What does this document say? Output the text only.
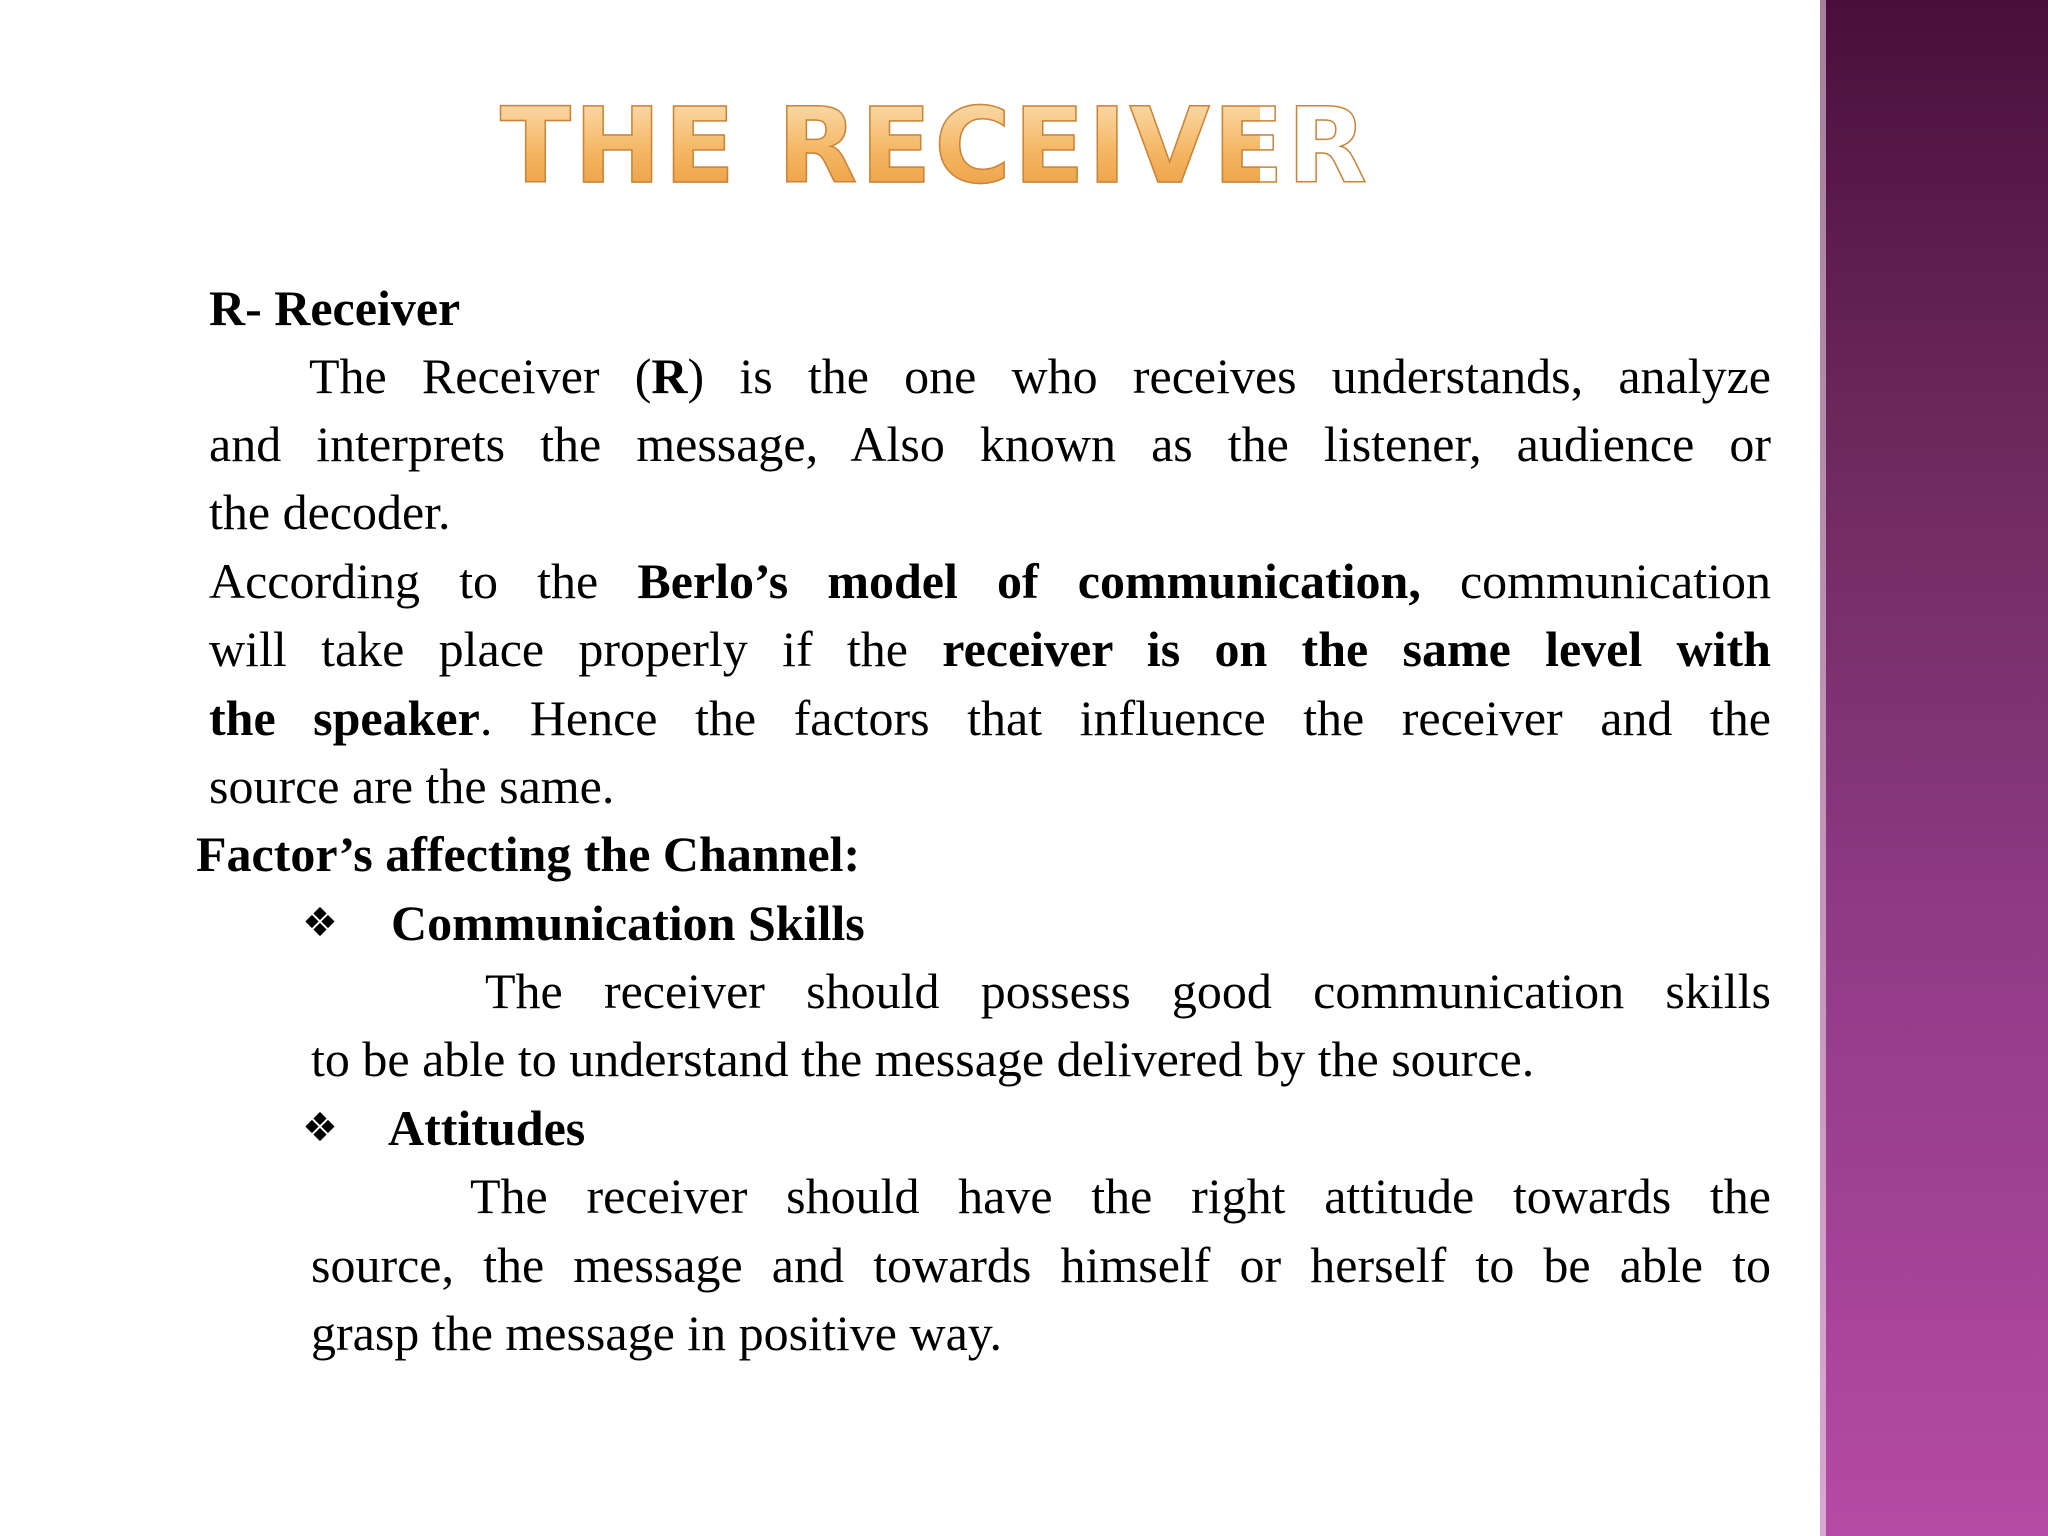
THE RECEIVER
R- Receiver
The Receiver (R) is the one who receives understands, analyze
and interprets the message, Also known as the listener, audience or
the decoder.
According to the Berlo’s model of communication, communication
will take place properly if the receiver is on the same level with
the speaker. Hence the factors that influence the receiver and the
source are the same.
Factor’s affecting the Channel:
❖ Communication Skills
The receiver should possess good communication skills
to be able to understand the message delivered by the source.
❖ Attitudes
The receiver should have the right attitude towards the
source, the message and towards himself or herself to be able to
grasp the message in positive way.
